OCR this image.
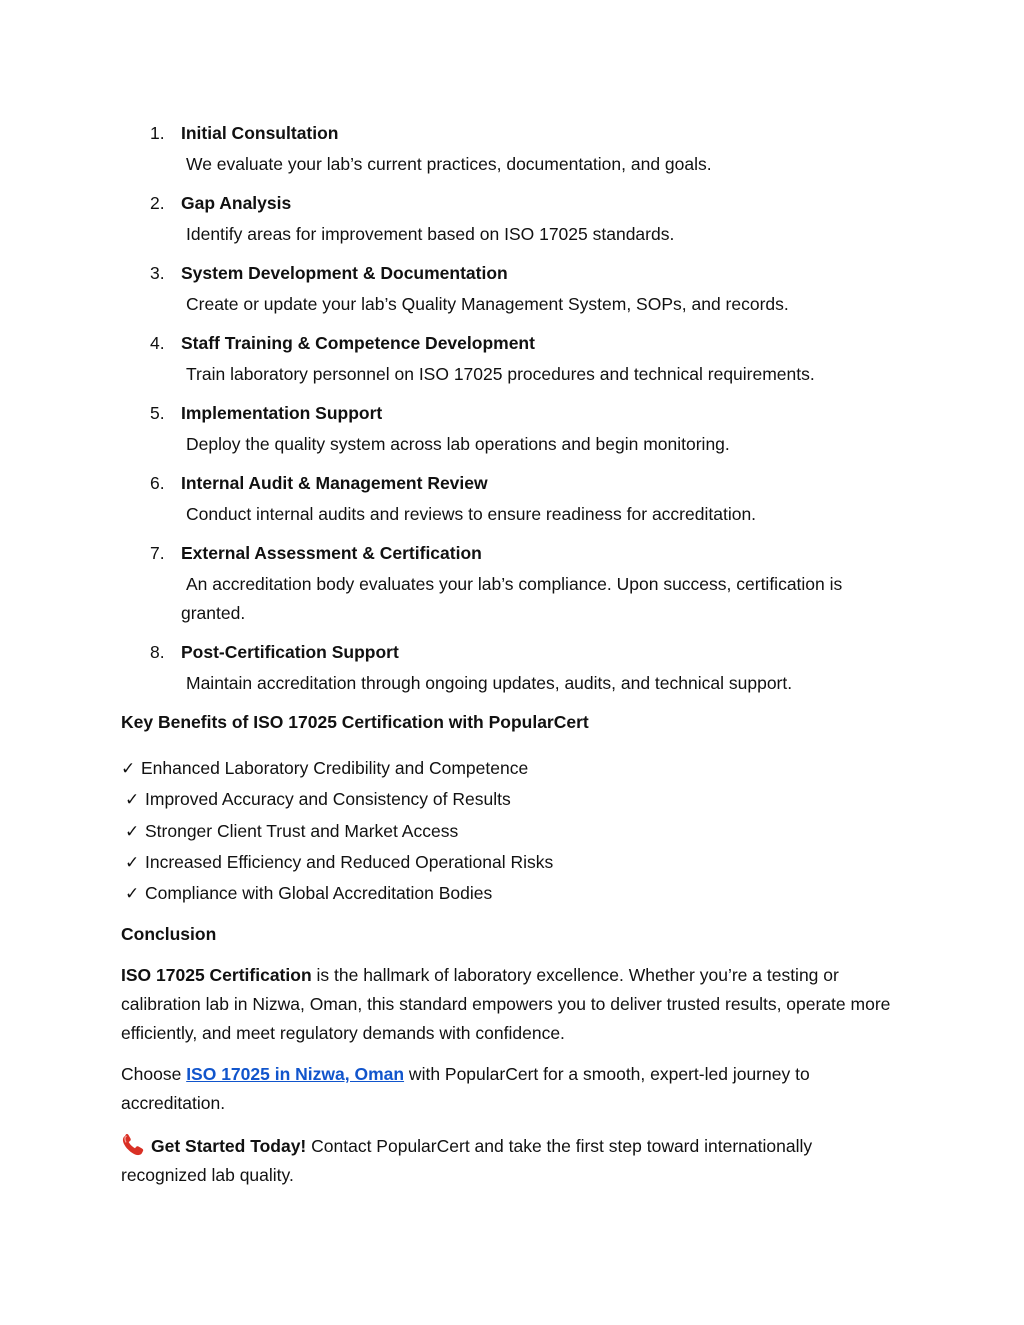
1. Initial Consultation
We evaluate your lab’s current practices, documentation, and goals.
2. Gap Analysis
Identify areas for improvement based on ISO 17025 standards.
3. System Development & Documentation
Create or update your lab’s Quality Management System, SOPs, and records.
4. Staff Training & Competence Development
Train laboratory personnel on ISO 17025 procedures and technical requirements.
5. Implementation Support
Deploy the quality system across lab operations and begin monitoring.
6. Internal Audit & Management Review
Conduct internal audits and reviews to ensure readiness for accreditation.
7. External Assessment & Certification
An accreditation body evaluates your lab’s compliance. Upon success, certification is granted.
8. Post-Certification Support
Maintain accreditation through ongoing updates, audits, and technical support.
Key Benefits of ISO 17025 Certification with PopularCert
✓ Enhanced Laboratory Credibility and Competence
✓ Improved Accuracy and Consistency of Results
✓ Stronger Client Trust and Market Access
✓ Increased Efficiency and Reduced Operational Risks
✓ Compliance with Global Accreditation Bodies
Conclusion
ISO 17025 Certification is the hallmark of laboratory excellence. Whether you’re a testing or calibration lab in Nizwa, Oman, this standard empowers you to deliver trusted results, operate more efficiently, and meet regulatory demands with confidence.
Choose ISO 17025 in Nizwa, Oman with PopularCert for a smooth, expert-led journey to accreditation.
Get Started Today! Contact PopularCert and take the first step toward internationally recognized lab quality.
